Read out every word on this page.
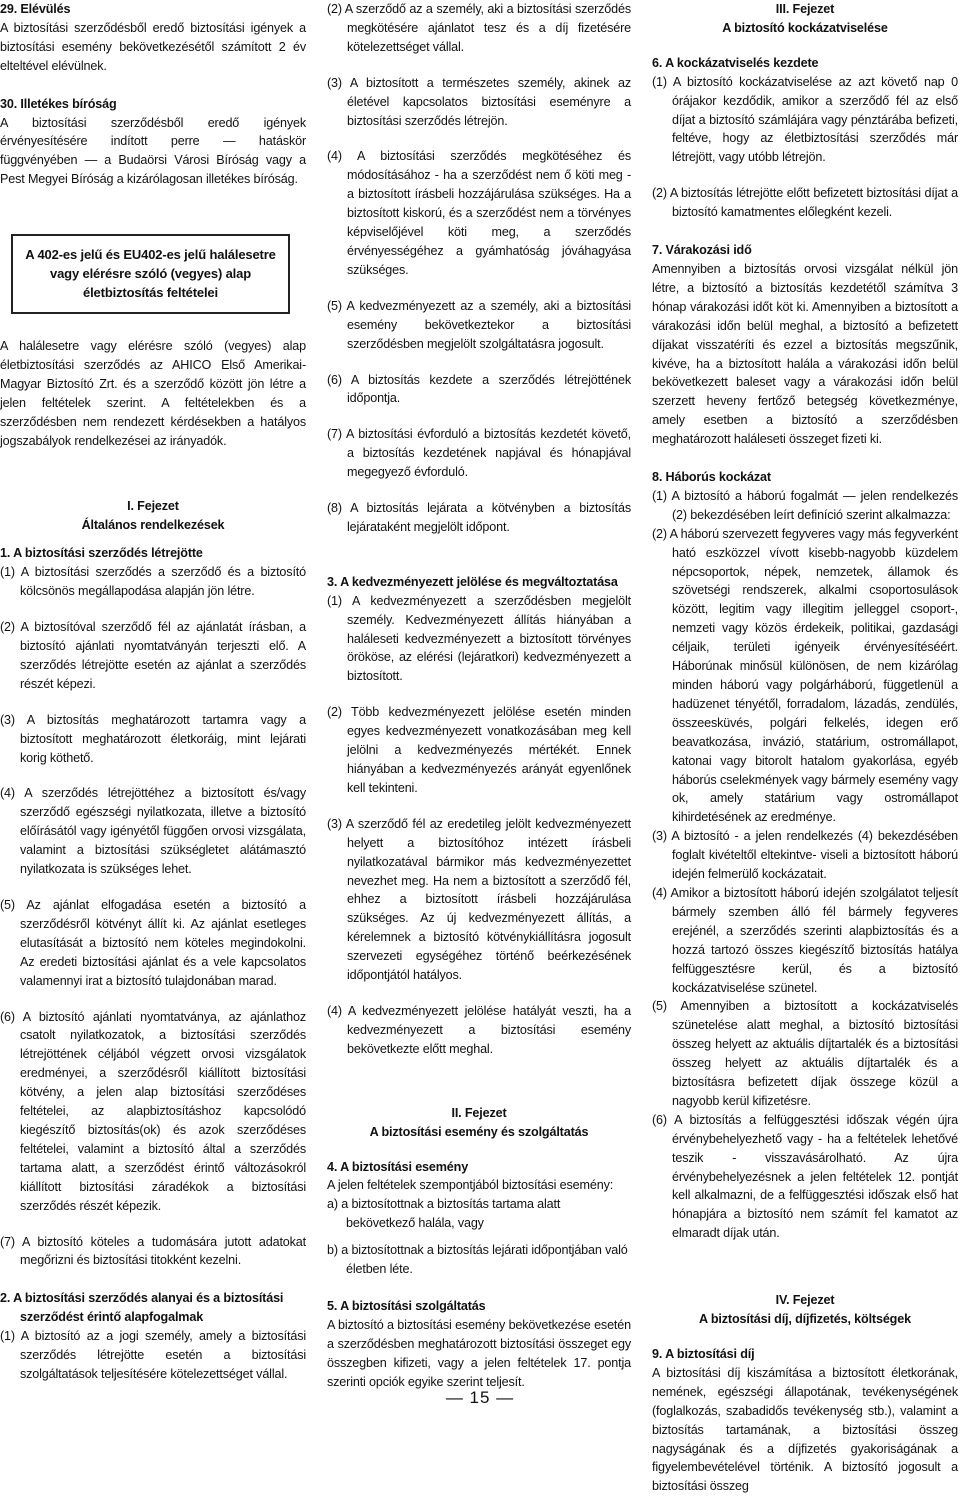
29. Elévülés

A biztosítási szerződésből eredő biztosítási igények a biztosítási esemény bekövetkezésétől számított 2 év elteltével elévülnek.

30. Illetékes bíróság

A biztosítási szerződésből eredő igények érvényesítésére indított perre — hatáskör függvényében — a Budaörsi Városi Bíróság vagy a Pest Megyei Bíróság a kizárólagosan illetékes bíróság.

A 402-es jelű és EU402-es jelű halálesetre vagy elérésre szóló (vegyes) alap életbiztosítás feltételei

A halálesetre vagy elérésre szóló (vegyes) alap életbiztosítási szerződés az AHICO Első Amerikai-Magyar Biztosító Zrt. és a szerződő között jön létre a jelen feltételek szerint. A feltételekben és a szerződésben nem rendezett kérdésekben a hatályos jogszabályok rendelkezései az irányadók.

I. Fejezet

Általános rendelkezések

1. A biztosítási szerződés létrejötte

(1) A biztosítási szerződés a szerződő és a biztosító kölcsönös megállapodása alapján jön létre.

(2) A biztosítóval szerződő fél az ajánlatát írásban, a biztosító ajánlati nyomtatványán terjeszti elő. A szerződés létrejötte esetén az ajánlat a szerződés részét képezi.

(3) A biztosítás meghatározott tartamra vagy a biztosított meghatározott életkoráig, mint lejárati korig köthető.

(4) A szerződés létrejöttéhez a biztosított és/vagy szerződő egészségi nyilatkozata, illetve a biztosító előírásától vagy igényétől függően orvosi vizsgálata, valamint a biztosítási szükségletet alátámasztó nyilatkozata is szükséges lehet.

(5) Az ajánlat elfogadása esetén a biztosító a szerződésről kötvényt állít ki. Az ajánlat esetleges elutasítását a biztosító nem köteles megindokolni. Az eredeti biztosítási ajánlat és a vele kapcsolatos valamennyi irat a biztosító tulajdonában marad.

(6) A biztosító ajánlati nyomtatványa, az ajánlathoz csatolt nyilatkozatok, a biztosítási szerződés létrejöttének céljából végzett orvosi vizsgálatok eredményei, a szerződésről kiállított biztosítási kötvény, a jelen alap biztosítási szerződéses feltételei, az alapbiztosításhoz kapcsolódó kiegészítő biztosítás(ok) és azok szerződéses feltételei, valamint a biztosító által a szerződés tartama alatt, a szerződést érintő változásokról kiállított biztosítási záradékok a biztosítási szerződés részét képezik.

(7) A biztosító köteles a tudomására jutott adatokat megőrizni és biztosítási titokként kezelni.

2. A biztosítási szerződés alanyai és a biztosítási szerződést érintő alapfogalmak

(1) A biztosító az a jogi személy, amely a biztosítási szerződés létrejötte esetén a biztosítási szolgáltatások teljesítésére kötelezettséget vállal.

(2) A szerződő az a személy, aki a biztosítási szerződés megkötésére ajánlatot tesz és a díj fizetésére kötelezettséget vállal.

(3) A biztosított a természetes személy, akinek az életével kapcsolatos biztosítási eseményre a biztosítási szerződés létrejön.

(4) A biztosítási szerződés megkötéséhez és módosításához - ha a szerződést nem ő köti meg - a biztosított írásbeli hozzájárulása szükséges. Ha a biztosított kiskorú, és a szerződést nem a törvényes képviselőjével köti meg, a szerződés érvényességéhez a gyámhatóság jóváhagyása szükséges.

(5) A kedvezményezett az a személy, aki a biztosítási esemény bekövetkeztekor a biztosítási szerződésben megjelölt szolgáltatásra jogosult.

(6) A biztosítás kezdete a szerződés létrejöttének időpontja.

(7) A biztosítási évforduló a biztosítás kezdetét követő, a biztosítás kezdetének napjával és hónapjával megegyező évforduló.

(8) A biztosítás lejárata a kötvényben a biztosítás lejárataként megjelölt időpont.

3. A kedvezményezett jelölése és megváltoztatása

(1) A kedvezményezett a szerződésben megjelölt személy. Kedvezményezett állítás hiányában a haláleseti kedvezményezett a biztosított törvényes örököse, az elérési (lejáratkori) kedvezményezett a biztosított.

(2) Több kedvezményezett jelölése esetén minden egyes kedvezményezett vonatkozásában meg kell jelölni a kedvezményezés mértékét. Ennek hiányában a kedvezményezés arányát egyenlőnek kell tekinteni.

(3) A szerződő fél az eredetileg jelölt kedvezményezett helyett a biztosítóhoz intézett írásbeli nyilatkozatával bármikor más kedvezményezettet nevezhet meg. Ha nem a biztosított a szerződő fél, ehhez a biztosított írásbeli hozzájárulása szükséges. Az új kedvezményezett állítás, a kérelemnek a biztosító kötvénykiállításra jogosult szervezeti egységéhez történő beérkezésének időpontjától hatályos.

(4) A kedvezményezett jelölése hatályát veszti, ha a kedvezményezett a biztosítási esemény bekövetkezte előtt meghal.

II. Fejezet

A biztosítási esemény és szolgáltatás

4. A biztosítási esemény

A jelen feltételek szempontjából biztosítási esemény:

a) a biztosítottnak a biztosítás tartama alatt bekövetkező halála, vagy

b) a biztosítottnak a biztosítás lejárati időpontjában való életben léte.

5. A biztosítási szolgáltatás

A biztosító a biztosítási esemény bekövetkezése esetén a szerződésben meghatározott biztosítási összeget egy összegben kifizeti, vagy a jelen feltételek 17. pontja szerinti opciók egyike szerint teljesít.

III. Fejezet

A biztosító kockázatviselése

6. A kockázatviselés kezdete

(1) A biztosító kockázatviselése az azt követő nap 0 órájakor kezdődik, amikor a szerződő fél az első díjat a biztosító számlájára vagy pénztárába befizeti, feltéve, hogy az életbiztosítási szerződés már létrejött, vagy utóbb létrejön.

(2) A biztosítás létrejötte előtt befizetett biztosítási díjat a biztosító kamatmentes előlegként kezeli.

7. Várakozási idő

Amennyiben a biztosítás orvosi vizsgálat nélkül jön létre, a biztosító a biztosítás kezdetétől számítva 3 hónap várakozási időt köt ki. Amennyiben a biztosított a várakozási időn belül meghal, a biztosító a befizetett díjakat visszatéríti és ezzel a biztosítás megszűnik, kivéve, ha a biztosított halála a várakozási időn belül bekövetkezett baleset vagy a várakozási időn belül szerzett heveny fertőző betegség következménye, amely esetben a biztosító a szerződésben meghatározott haláleseti összeget fizeti ki.

8. Háborús kockázat

(1) A biztosító a háború fogalmát — jelen rendelkezés (2) bekezdésében leírt definíció szerint alkalmazza:

(2) A háború szervezett fegyveres vagy más fegyverként ható eszközzel vívott kisebb-nagyobb küzdelem népcsoportok, népek, nemzetek, államok és szövetségi rendszerek, alkalmi csoportosulások között, legitim vagy illegitim jelleggel csoport-, nemzeti vagy közös érdekeik, politikai, gazdasági céljaik, területi igényeik érvényesítéséért. Háborúnak minősül különösen, de nem kizárólag minden háború vagy polgárháború, függetlenül a hadüzenet tényétől, forradalom, lázadás, zendülés, összeesküvés, polgári felkelés, idegen erő beavatkozása, invázió, statárium, ostromállapot, katonai vagy bitorolt hatalom gyakorlása, egyéb háborús cselekmények vagy bármely esemény vagy ok, amely statárium vagy ostromállapot kihirdetésének az eredménye.

(3) A biztosító - a jelen rendelkezés (4) bekezdésében foglalt kivételtől eltekintve- viseli a biztosított háború idején felmerülő kockázatait.

(4) Amikor a biztosított háború idején szolgálatot teljesít bármely szemben álló fél bármely fegyveres erejénél, a szerződés szerinti alapbiztosítás és a hozzá tartozó összes kiegészítő biztosítás hatálya felfüggesztésre kerül, és a biztosító kockázatviselése szünetel.

(5) Amennyiben a biztosított a kockázatviselés szünetelése alatt meghal, a biztosító biztosítási összeg helyett az aktuális díjtartalék és a biztosítási összeg helyett az aktuális díjtartalék és a biztosításra befizetett díjak összege közül a nagyobb kerül kifizetésre.

(6) A biztosítás a felfüggesztési időszak végén újra érvénybehelyezhető vagy - ha a feltételek lehetővé teszik - visszavásárolható. Az újra érvénybehelyezésnek a jelen feltételek 12. pontját kell alkalmazni, de a felfüggesztési időszak első hat hónapjára a biztosító nem számít fel kamatot az elmaradt díjak után.

IV. Fejezet

A biztosítási díj, díjfizetés, költségek

9. A biztosítási díj

A biztosítási díj kiszámítása a biztosított életkorának, nemének, egészségi állapotának, tevékenységének (foglalkozás, szabadidős tevékenység stb.), valamint a biztosítás tartamának, a biztosítási összeg nagyságának és a díjfizetés gyakoriságának a figyelembevételével történik. A biztosító jogosult a biztosítási összeg

— 15 —
